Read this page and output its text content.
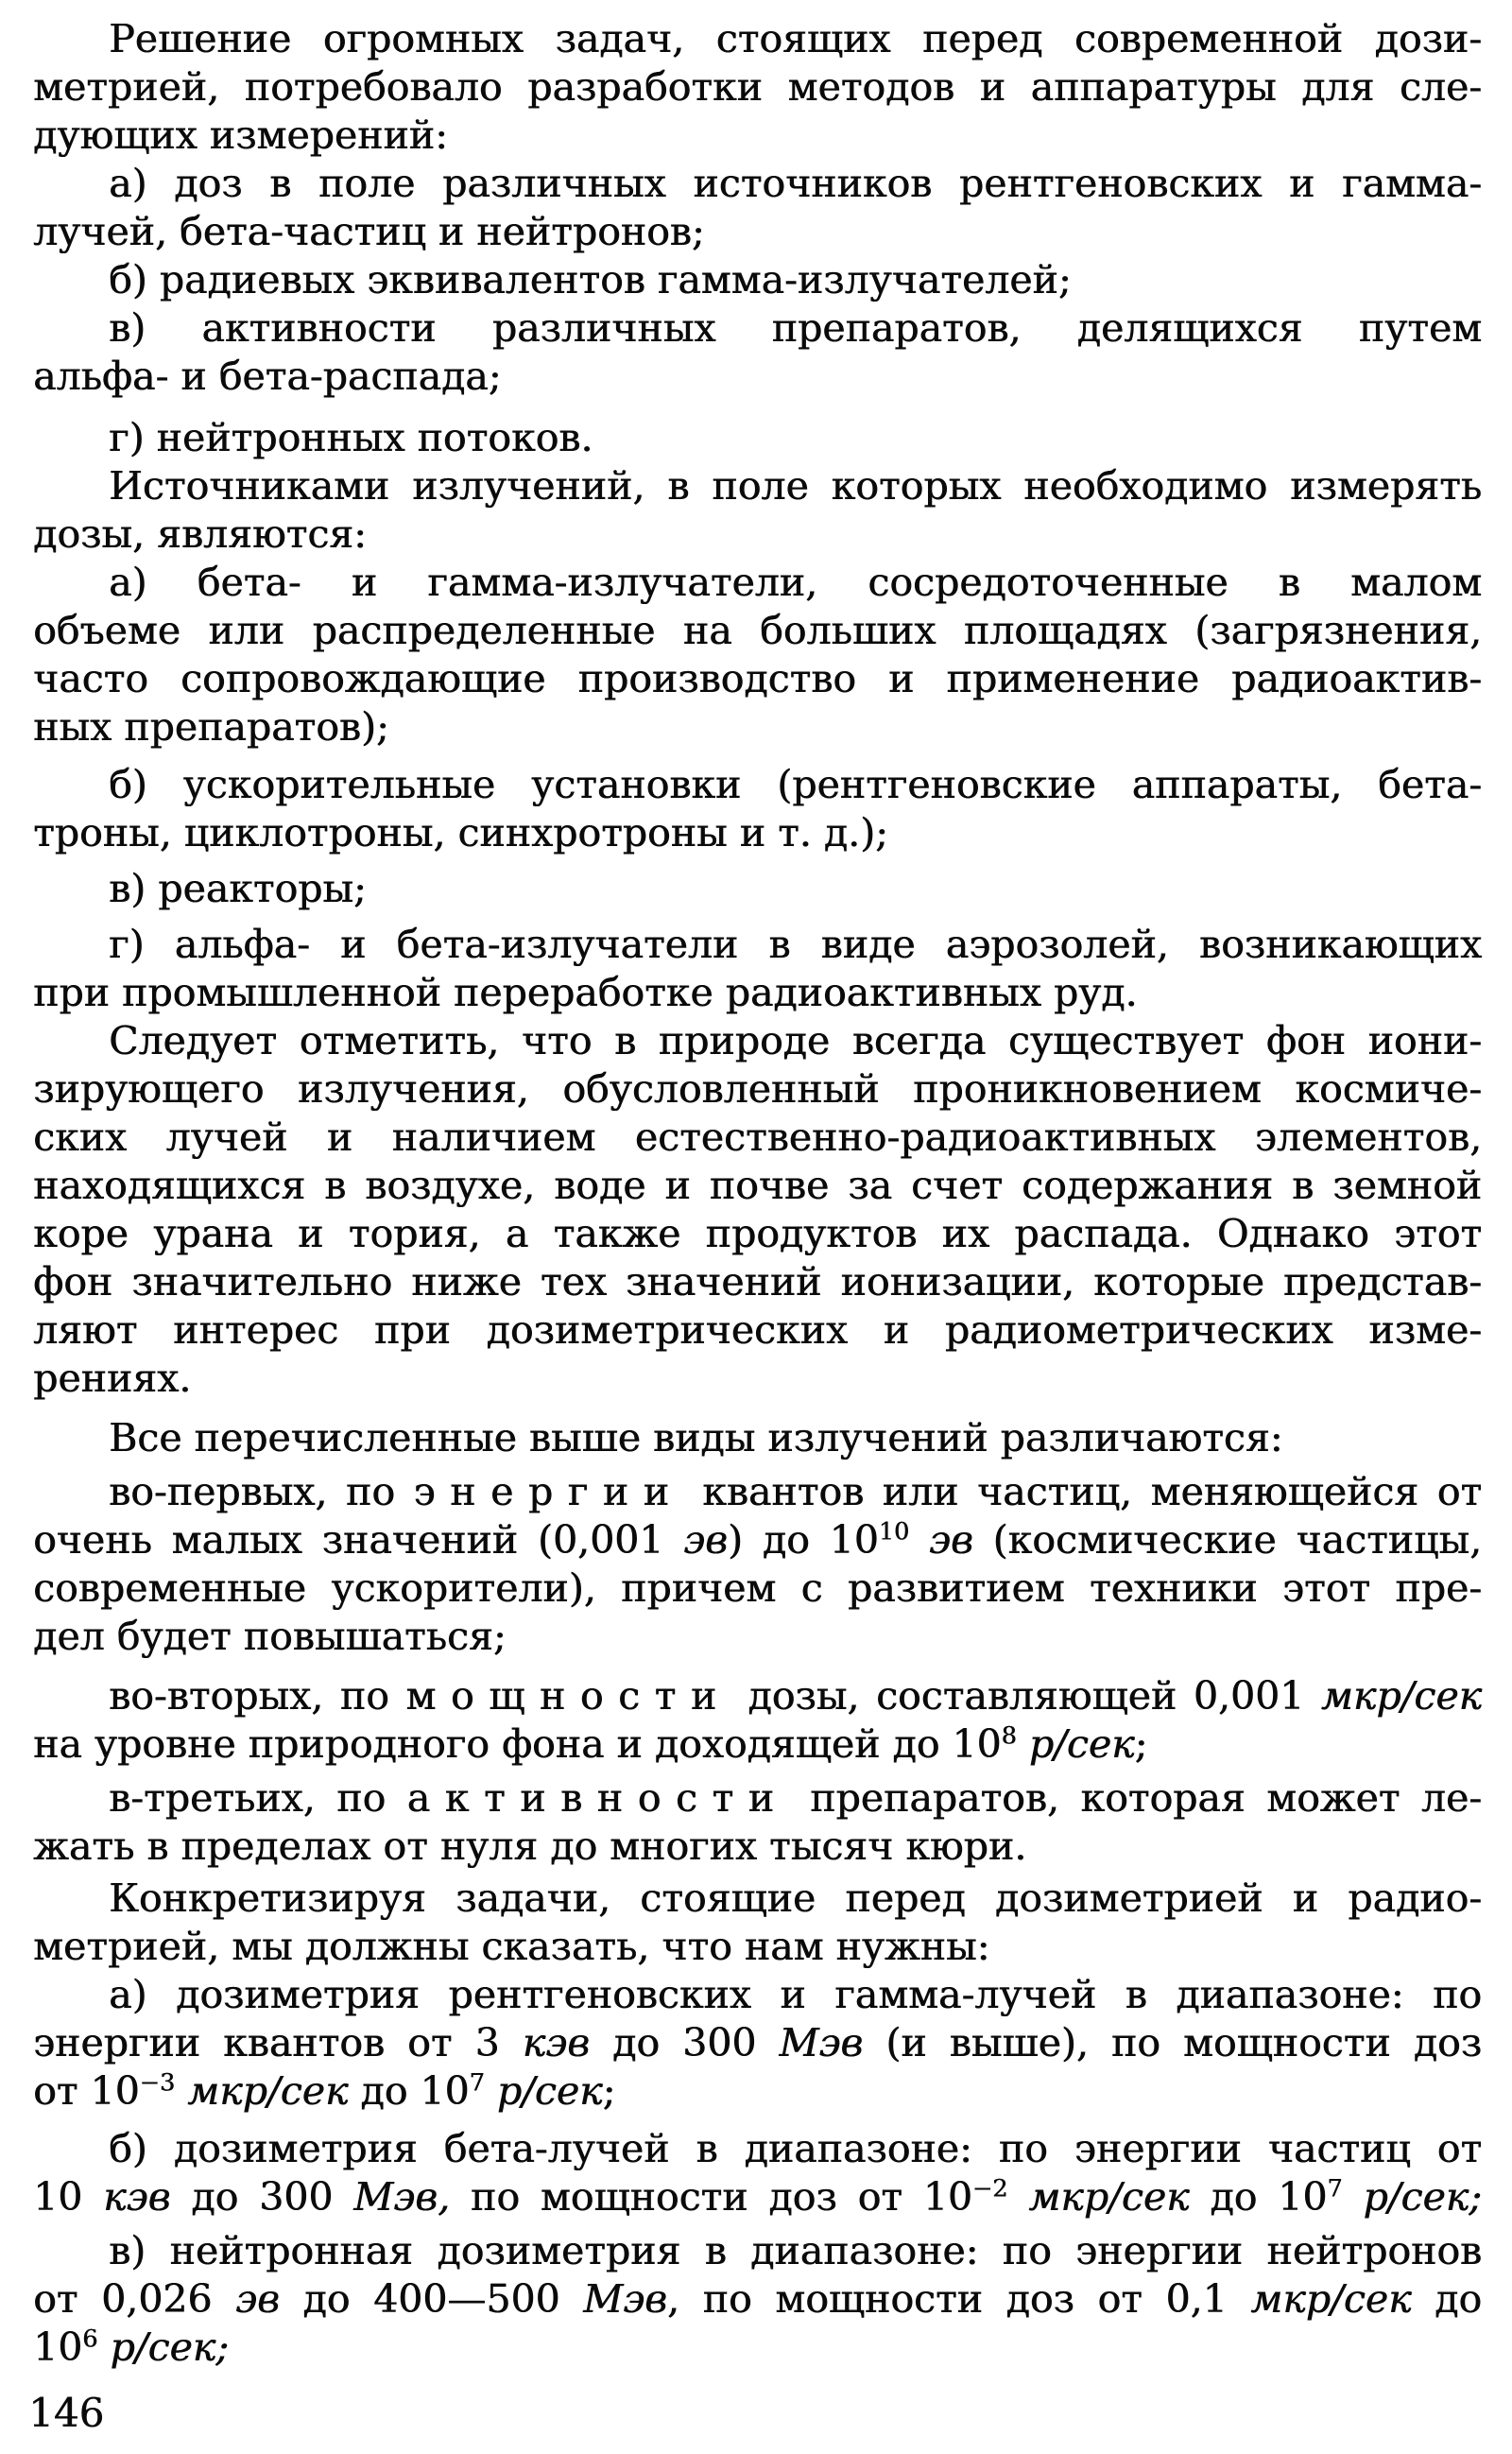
Решение огромных задач, стоящих перед современной дози-
метрией, потребовало разработки методов и аппаратуры для сле-
дующих измерений:
а) доз в поле различных источников рентгеновских и гамма-
лучей, бета-частиц и нейтронов;
б) радиевых эквивалентов гамма-излучателей;
в) активности различных препаратов, делящихся путем
альфа- и бета-распада;
г) нейтронных потоков.
Источниками излучений, в поле которых необходимо измерять
дозы, являются:
а) бета- и гамма-излучатели, сосредоточенные в малом
объеме или распределенные на больших площадях (загрязнения,
часто сопровождающие производство и применение радиоактив-
ных препаратов);
б) ускорительные установки (рентгеновские аппараты, бета-
троны, циклотроны, синхротроны и т. д.);
в) реакторы;
г) альфа- и бета-излучатели в виде аэрозолей, возникающих
при промышленной переработке радиоактивных руд.
Следует отметить, что в природе всегда существует фон иони-
зирующего излучения, обусловленный проникновением космиче-
ских лучей и наличием естественно-радиоактивных элементов,
находящихся в воздухе, воде и почве за счет содержания в земной
коре урана и тория, а также продуктов их распада. Однако этот
фон значительно ниже тех значений ионизации, которые представ-
ляют интерес при дозиметрических и радиометрических изме-
рениях.
Все перечисленные выше виды излучений различаются:
во-первых, по энергии квантов или частиц, меняющейся от
очень малых значений (0,001 эв) до $10^{10}$ эв (космические частицы,
современные ускорители), причем с развитием техники этот пре-
дел будет повышаться;
во-вторых, по мощности дозы, составляющей 0,001 мкр/сек
на уровне природного фона и доходящей до $10^8$ р/сек;
в-третьих, по активности препаратов, которая может ле-
жать в пределах от нуля до многих тысяч кюри.
Конкретизируя задачи, стоящие перед дозиметрией и радио-
метрией, мы должны сказать, что нам нужны:
а) дозиметрия рентгеновских и гамма-лучей в диапазоне: по
энергии квантов от 3 кэв до 300 Мэв (и выше), по мощности доз
от $10^{-3}$ мкр/сек до $10^7$ р/сек;
б) дозиметрия бета-лучей в диапазоне: по энергии частиц от
10 кэв до 300 Мэв, по мощности доз от $10^{-2}$ мкр/сек до $10^7$ р/сек;
в) нейтронная дозиметрия в диапазоне: по энергии нейтронов
от 0,026 эв до 400—500 Мэв, по мощности доз от 0,1 мкр/сек до
$10^6$ р/сек;
146
